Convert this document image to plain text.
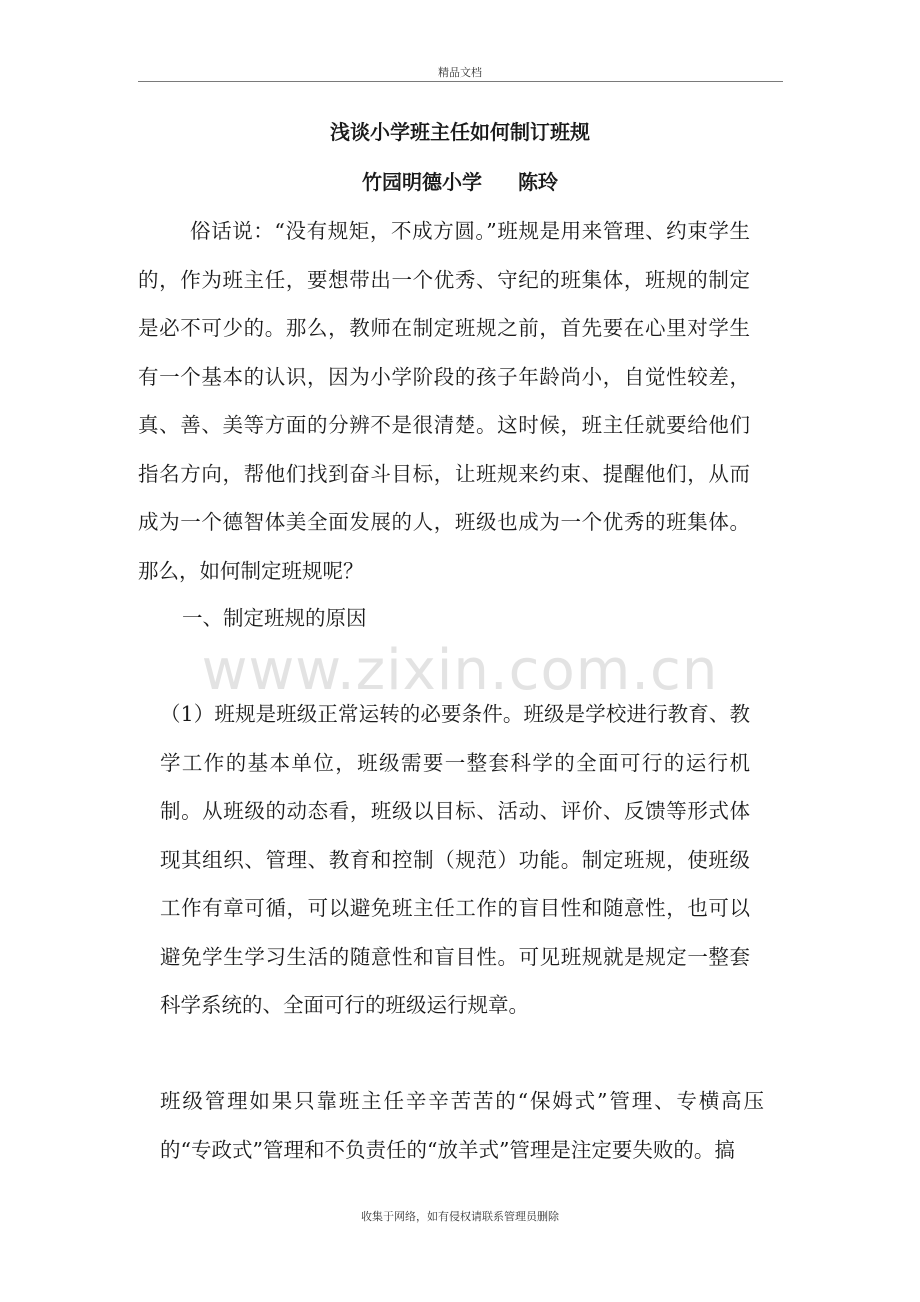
精品文档
浅谈小学班主任如何制订班规
竹园明德小学 陈玲

俗话说：“没有规矩，不成方圆。”班规是用来管理、约束学生的，作为班主任，要想带出一个优秀、守纪的班集体，班规的制定是必不可少的。那么，教师在制定班规之前，首先要在心里对学生有一个基本的认识，因为小学阶段的孩子年龄尚小，自觉性较差，真、善、美等方面的分辨不是很清楚。这时候，班主任就要给他们指名方向，帮他们找到奋斗目标，让班规来约束、提醒他们，从而成为一个德智体美全面发展的人，班级也成为一个优秀的班集体。那么，如何制定班规呢？

一、制定班规的原因
www.zixin.com.cn

（1）班规是班级正常运转的必要条件。班级是学校进行教育、教学工作的基本单位，班级需要一整套科学的全面可行的运行机制。从班级的动态看，班级以目标、活动、评价、反馈等形式体现其组织、管理、教育和控制（规范）功能。制定班规，使班级工作有章可循，可以避免班主任工作的盲目性和随意性，也可以避免学生学习生活的随意性和盲目性。可见班规就是规定一整套科学系统的、全面可行的班级运行规章。

班级管理如果只靠班主任辛辛苦苦的“保姆式”管理、专横高压的“专政式”管理和不负责任的“放羊式”管理是注定要失败的。搞

收集于网络，如有侵权请联系管理员删除
